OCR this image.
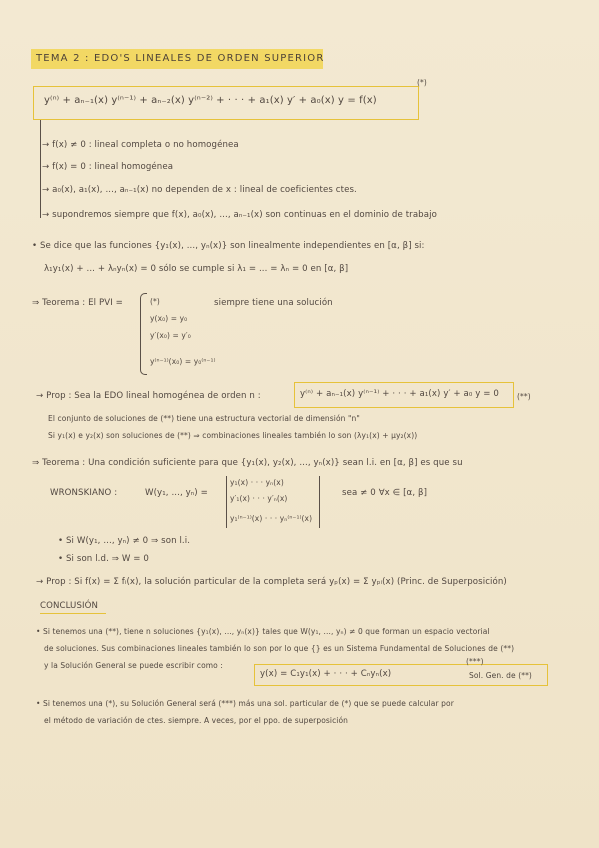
TEMA 2 : EDO'S LINEALES DE ORDEN SUPERIOR
y⁽ⁿ⁾ + aₙ₋₁(x) y⁽ⁿ⁻¹⁾ + aₙ₋₂(x) y⁽ⁿ⁻²⁾ + · · · + a₁(x) y′ + a₀(x) y = f(x)
(*)
→ f(x) ≠ 0 : lineal completa o no homogénea
→ f(x) = 0 : lineal homogénea
→ a₀(x), a₁(x), ..., aₙ₋₁(x) no dependen de x : lineal de coeficientes ctes.
→ supondremos siempre que f(x), a₀(x), ..., aₙ₋₁(x) son continuas en el dominio de trabajo
• Se dice que las funciones {y₁(x), ..., yₙ(x)} son linealmente independientes en [α, β] si:
λ₁y₁(x) + ... + λₙyₙ(x) = 0 sólo se cumple si λ₁ = ... = λₙ = 0 en [α, β]
⇒ Teorema : El PVI =	(*)
y(x₀) = y₀
y′(x₀) = y′₀
y⁽ⁿ⁻¹⁾(x₀) = y₀⁽ⁿ⁻¹⁾
siempre tiene una solución
→ Prop : Sea la EDO lineal homogénea de orden n :	y⁽ⁿ⁾ + aₙ₋₁(x) y⁽ⁿ⁻¹⁾ + · · · + a₁(x) y′ + a₀ y = 0 (**)
El conjunto de soluciones de (**) tiene una estructura vectorial de dimensión "n"
Si y₁(x) e y₂(x) son soluciones de (**) ⇒ combinaciones lineales también lo son (λy₁(x) + μy₂(x))
⇒ Teorema : Una condición suficiente para que {y₁(x), y₂(x), ..., yₙ(x)} sean l.i. en [α, β] es que su
WRONSKIANO :	W(y₁, ..., yₙ) =
y₁(x) · · · yₙ(x)
y′₁(x) · · · y′ₙ(x)
y₁⁽ⁿ⁻¹⁾(x) · · · yₙ⁽ⁿ⁻¹⁾(x)
sea ≠ 0 ∀x ∈ [α, β]
• Si W(y₁, ..., yₙ) ≠ 0 ⇒ son l.i.
• Si son l.d. ⇒ W = 0
→ Prop : Si f(x) = Σ fᵢ(x), la solución particular de la completa será yₚ(x) = Σ yₚᵢ(x) (Princ. de Superposición)
CONCLUSIÓN
• Si tenemos una (**), tiene n soluciones {y₁(x), ..., yₙ(x)} tales que W(y₁, ..., yₙ) ≠ 0 que forman un espacio vectorial
de soluciones. Sus combinaciones lineales también lo son por lo que {} es un Sistema Fundamental de Soluciones de (**)
y la Solución General se puede escribir como :
y(x) = C₁y₁(x) + · · · + Cₙyₙ(x)
(***)
Sol. Gen. de (**)
• Si tenemos una (*), su Solución General será (***) más una sol. particular de (*) que se puede calcular por
el método de variación de ctes. siempre. A veces, por el ppo. de superposición
